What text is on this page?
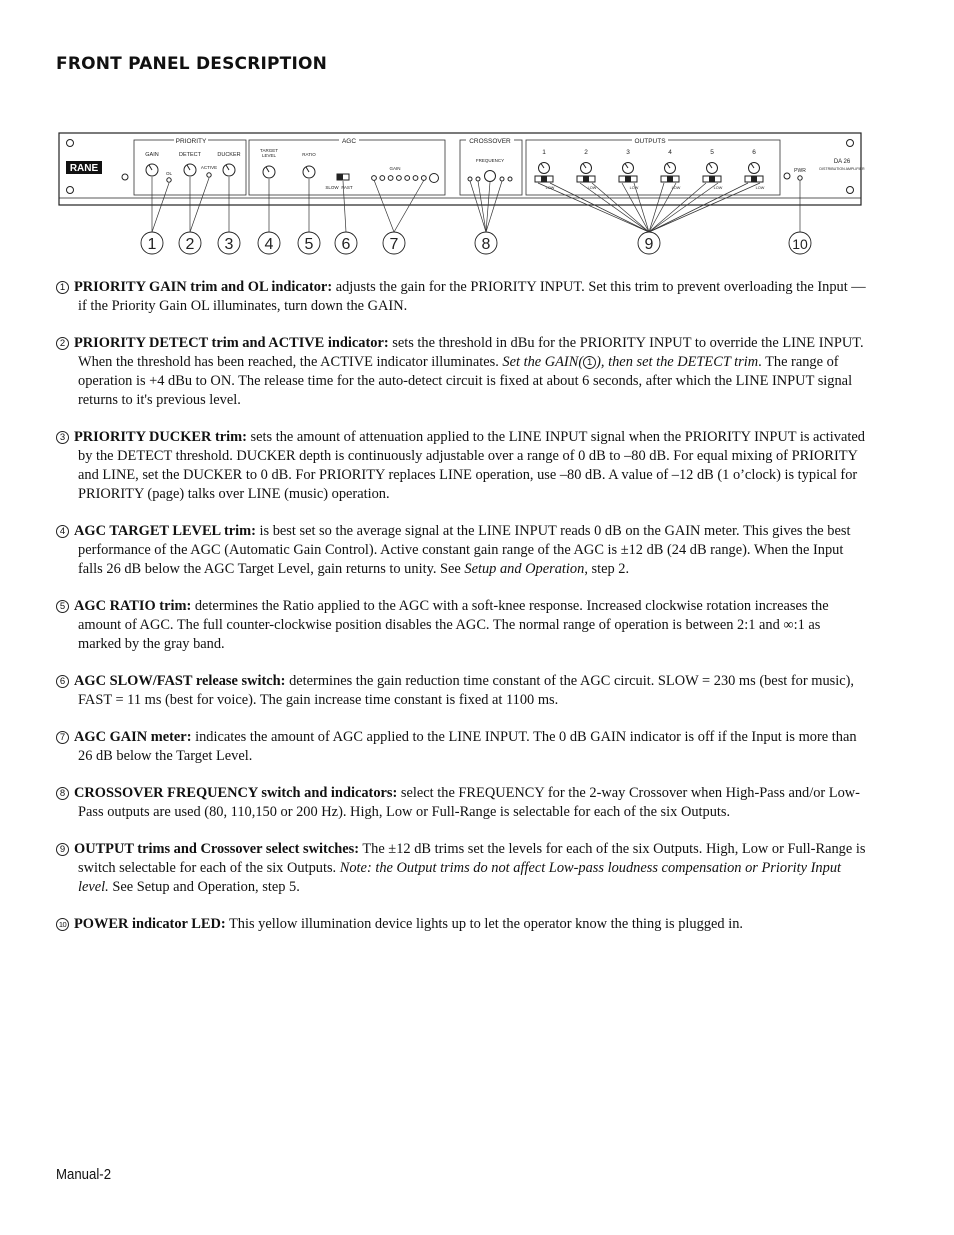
FRONT PANEL DESCRIPTION
RANE
PRIORITY	AGC	CROSSOVER	OUTPUTS
GAIN
OL
DETECT
ACTIVE
DUCKER
TARGET
LEVEL	RATIO
SLOW FAST
GAIN
FREQUENCY
1
LOW
2
LOW
3
LOW
4
LOW
5
LOW
6
LOW
PWR
DA 26
DISTRIBUTION AMPLIFIER
1 2 3 4 5 6 7	8	9	10

1 PRIORITY GAIN trim and OL indicator: adjusts the gain for the PRIORITY INPUT. Set this trim to prevent overloading the Input — if the Priority Gain OL illuminates, turn down the GAIN.

2 PRIORITY DETECT trim and ACTIVE indicator: sets the threshold in dBu for the PRIORITY INPUT to override the LINE INPUT. When the threshold has been reached, the ACTIVE indicator illuminates. Set the GAIN( 1 ), then set the DETECT trim. The range of operation is +4 dBu to ON. The release time for the auto-detect circuit is fixed at about 6 seconds, after which the LINE INPUT signal returns to it's previous level.

3 PRIORITY DUCKER trim: sets the amount of attenuation applied to the LINE INPUT signal when the PRIORITY INPUT is activated by the DETECT threshold. DUCKER depth is continuously adjustable over a range of 0 dB to –80 dB. For equal mixing of PRIORITY and LINE, set the DUCKER to 0 dB. For PRIORITY replaces LINE operation, use –80 dB. A value of –12 dB (1 o’clock) is typical for PRIORITY (page) talks over LINE (music) operation.

4 AGC TARGET LEVEL trim: is best set so the average signal at the LINE INPUT reads 0 dB on the GAIN meter. This gives the best performance of the AGC (Automatic Gain Control). Active constant gain range of the AGC is ±12 dB (24 dB range). When the Input falls 26 dB below the AGC Target Level, gain returns to unity. See Setup and Operation, step 2.

5 AGC RATIO trim: determines the Ratio applied to the AGC with a soft-knee response. Increased clockwise rotation increases the amount of AGC. The full counter-clockwise position disables the AGC. The normal range of operation is between 2:1 and ∞:1 as marked by the gray band.

6 AGC SLOW/FAST release switch: determines the gain reduction time constant of the AGC circuit. SLOW = 230 ms (best for music), FAST = 11 ms (best for voice). The gain increase time constant is fixed at 1100 ms.

7 AGC GAIN meter: indicates the amount of AGC applied to the LINE INPUT. The 0 dB GAIN indicator is off if the Input is more than 26 dB below the Target Level.

8 CROSSOVER FREQUENCY switch and indicators: select the FREQUENCY for the 2-way Crossover when High-Pass and/or Low-Pass outputs are used (80, 110,150 or 200 Hz). High, Low or Full-Range is selectable for each of the six Outputs.

9 OUTPUT trims and Crossover select switches: The ±12 dB trims set the levels for each of the six Outputs. High, Low or Full-Range is switch selectable for each of the six Outputs. Note: the Output trims do not affect Low-pass loudness compensation or Priority Input level. See Setup and Operation, step 5.

10 POWER indicator LED: This yellow illumination device lights up to let the operator know the thing is plugged in.

Manual-2
